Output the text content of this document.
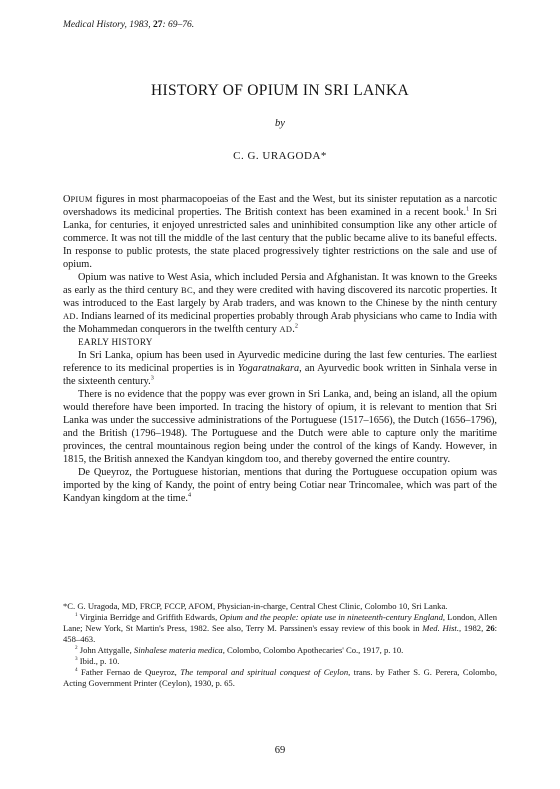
Medical History, 1983, 27: 69–76.
HISTORY OF OPIUM IN SRI LANKA
by
C. G. URAGODA*

OPIUM figures in most pharmacopoeias of the East and the West, but its sinister reputation as a narcotic overshadows its medicinal properties. The British context has been examined in a recent book.$^1$ In Sri Lanka, for centuries, it enjoyed unrestricted sales and uninhibited consumption like any other article of commerce. It was not till the middle of the last century that the public became alive to its baneful effects. In response to public protests, the state placed progressively tighter restrictions on the sale and use of opium.

Opium was native to West Asia, which included Persia and Afghanistan. It was known to the Greeks as early as the third century BC, and they were credited with having discovered its narcotic properties. It was introduced to the East largely by Arab traders, and was known to the Chinese by the ninth century AD. Indians learned of its medicinal properties probably through Arab physicians who came to India with the Mohammedan conquerors in the twelfth century AD.$^2$

EARLY HISTORY

In Sri Lanka, opium has been used in Ayurvedic medicine during the last few centuries. The earliest reference to its medicinal properties is in Yogaratnakara, an Ayurvedic book written in Sinhala verse in the sixteenth century.$^3$

There is no evidence that the poppy was ever grown in Sri Lanka, and, being an island, all the opium would therefore have been imported. In tracing the history of opium, it is relevant to mention that Sri Lanka was under the successive administrations of the Portuguese (1517–1656), the Dutch (1656–1796), and the British (1796–1948). The Portuguese and the Dutch were able to capture only the maritime provinces, the central mountainous region being under the control of the kings of Kandy. However, in 1815, the British annexed the Kandyan kingdom too, and thereby governed the entire country.

De Queyroz, the Portuguese historian, mentions that during the Portuguese occupation opium was imported by the king of Kandy, the point of entry being Cotiar near Trincomalee, which was part of the Kandyan kingdom at the time.$^4$

*C. G. Uragoda, MD, FRCP, FCCP, AFOM, Physician-in-charge, Central Chest Clinic, Colombo 10, Sri Lanka.

$^1$ Virginia Berridge and Griffith Edwards, Opium and the people: opiate use in nineteenth-century England, London, Allen Lane; New York, St Martin's Press, 1982. See also, Terry M. Parssinen's essay review of this book in Med. Hist., 1982, 26: 458–463.

$^2$ John Attygalle, Sinhalese materia medica, Colombo, Colombo Apothecaries' Co., 1917, p. 10.

$^3$ Ibid., p. 10.

$^4$ Father Fernao de Queyroz, The temporal and spiritual conquest of Ceylon, trans. by Father S. G. Perera, Colombo, Acting Government Printer (Ceylon), 1930, p. 65.

69
